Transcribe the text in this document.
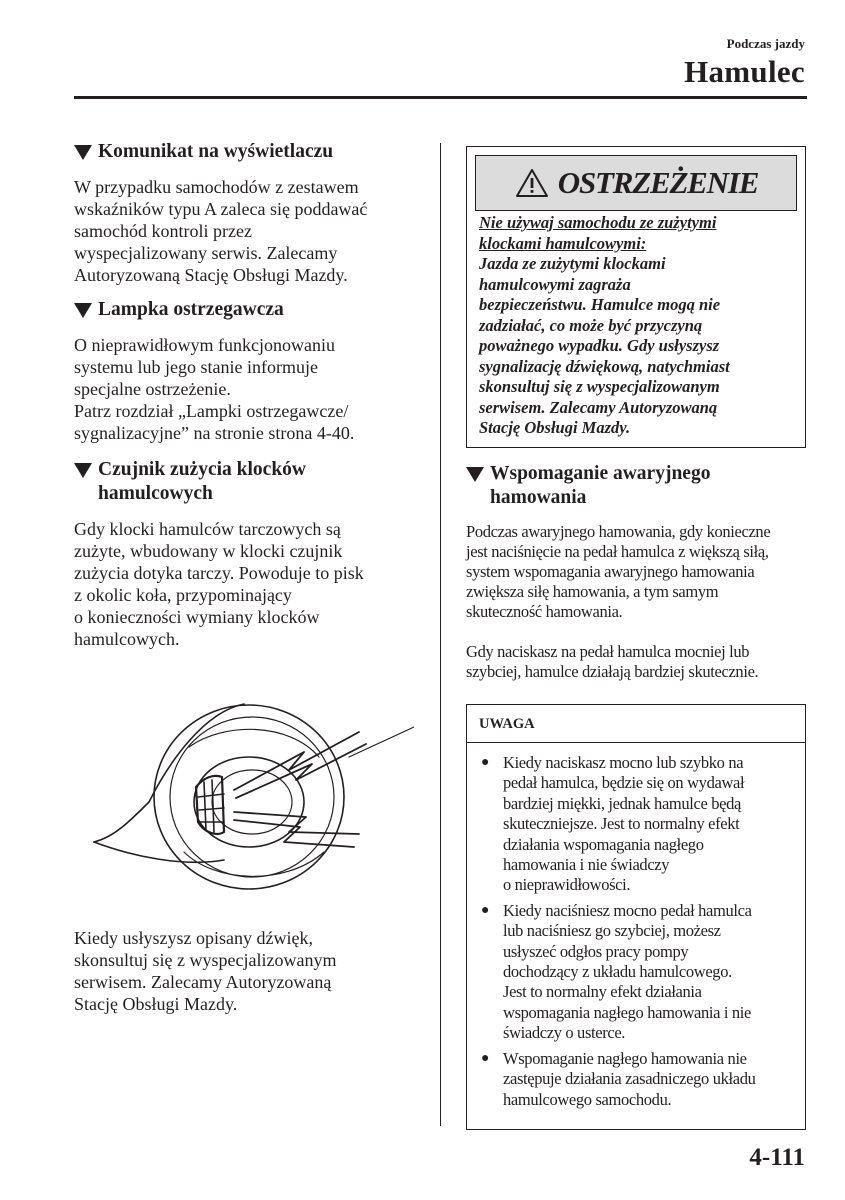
Podczas jazdy
Hamulec
Komunikat na wyświetlaczu
W przypadku samochodów z zestawem
wskaźników typu A zaleca się poddawać
samochód kontroli przez
wyspecjalizowany serwis. Zalecamy
Autoryzowaną Stację Obsługi Mazdy.
Lampka ostrzegawcza
O nieprawidłowym funkcjonowaniu
systemu lub jego stanie informuje
specjalne ostrzeżenie.
Patrz rozdział „Lampki ostrzegawcze/
sygnalizacyjne” na stronie strona 4-40.
Czujnik zużycia klocków
hamulcowych
Gdy klocki hamulców tarczowych są
zużyte, wbudowany w klocki czujnik
zużycia dotyka tarczy. Powoduje to pisk
z okolic koła, przypominający
o konieczności wymiany klocków
hamulcowych.
Kiedy usłyszysz opisany dźwięk,
skonsultuj się z wyspecjalizowanym
serwisem. Zalecamy Autoryzowaną
Stację Obsługi Mazdy.
OSTRZEŻENIE
Nie używaj samochodu ze zużytymi
klockami hamulcowymi:
Jazda ze zużytymi klockami
hamulcowymi zagraża
bezpieczeństwu. Hamulce mogą nie
zadziałać, co może być przyczyną
poważnego wypadku. Gdy usłyszysz
sygnalizację dźwiękową, natychmiast
skonsultuj się z wyspecjalizowanym
serwisem. Zalecamy Autoryzowaną
Stację Obsługi Mazdy.
Wspomaganie awaryjnego
hamowania
Podczas awaryjnego hamowania, gdy konieczne
jest naciśnięcie na pedał hamulca z większą siłą,
system wspomagania awaryjnego hamowania
zwiększa siłę hamowania, a tym samym
skuteczność hamowania.
Gdy naciskasz na pedał hamulca mocniej lub
szybciej, hamulce działają bardziej skutecznie.
UWAGA
● Kiedy naciskasz mocno lub szybko na
pedał hamulca, będzie się on wydawał
bardziej miękki, jednak hamulce będą
skuteczniejsze. Jest to normalny efekt
działania wspomagania nagłego
hamowania i nie świadczy
o nieprawidłowości.
● Kiedy naciśniesz mocno pedał hamulca
lub naciśniesz go szybciej, możesz
usłyszeć odgłos pracy pompy
dochodzący z układu hamulcowego.
Jest to normalny efekt działania
wspomagania nagłego hamowania i nie
świadczy o usterce.
● Wspomaganie nagłego hamowania nie
zastępuje działania zasadniczego układu
hamulcowego samochodu.
4-111
